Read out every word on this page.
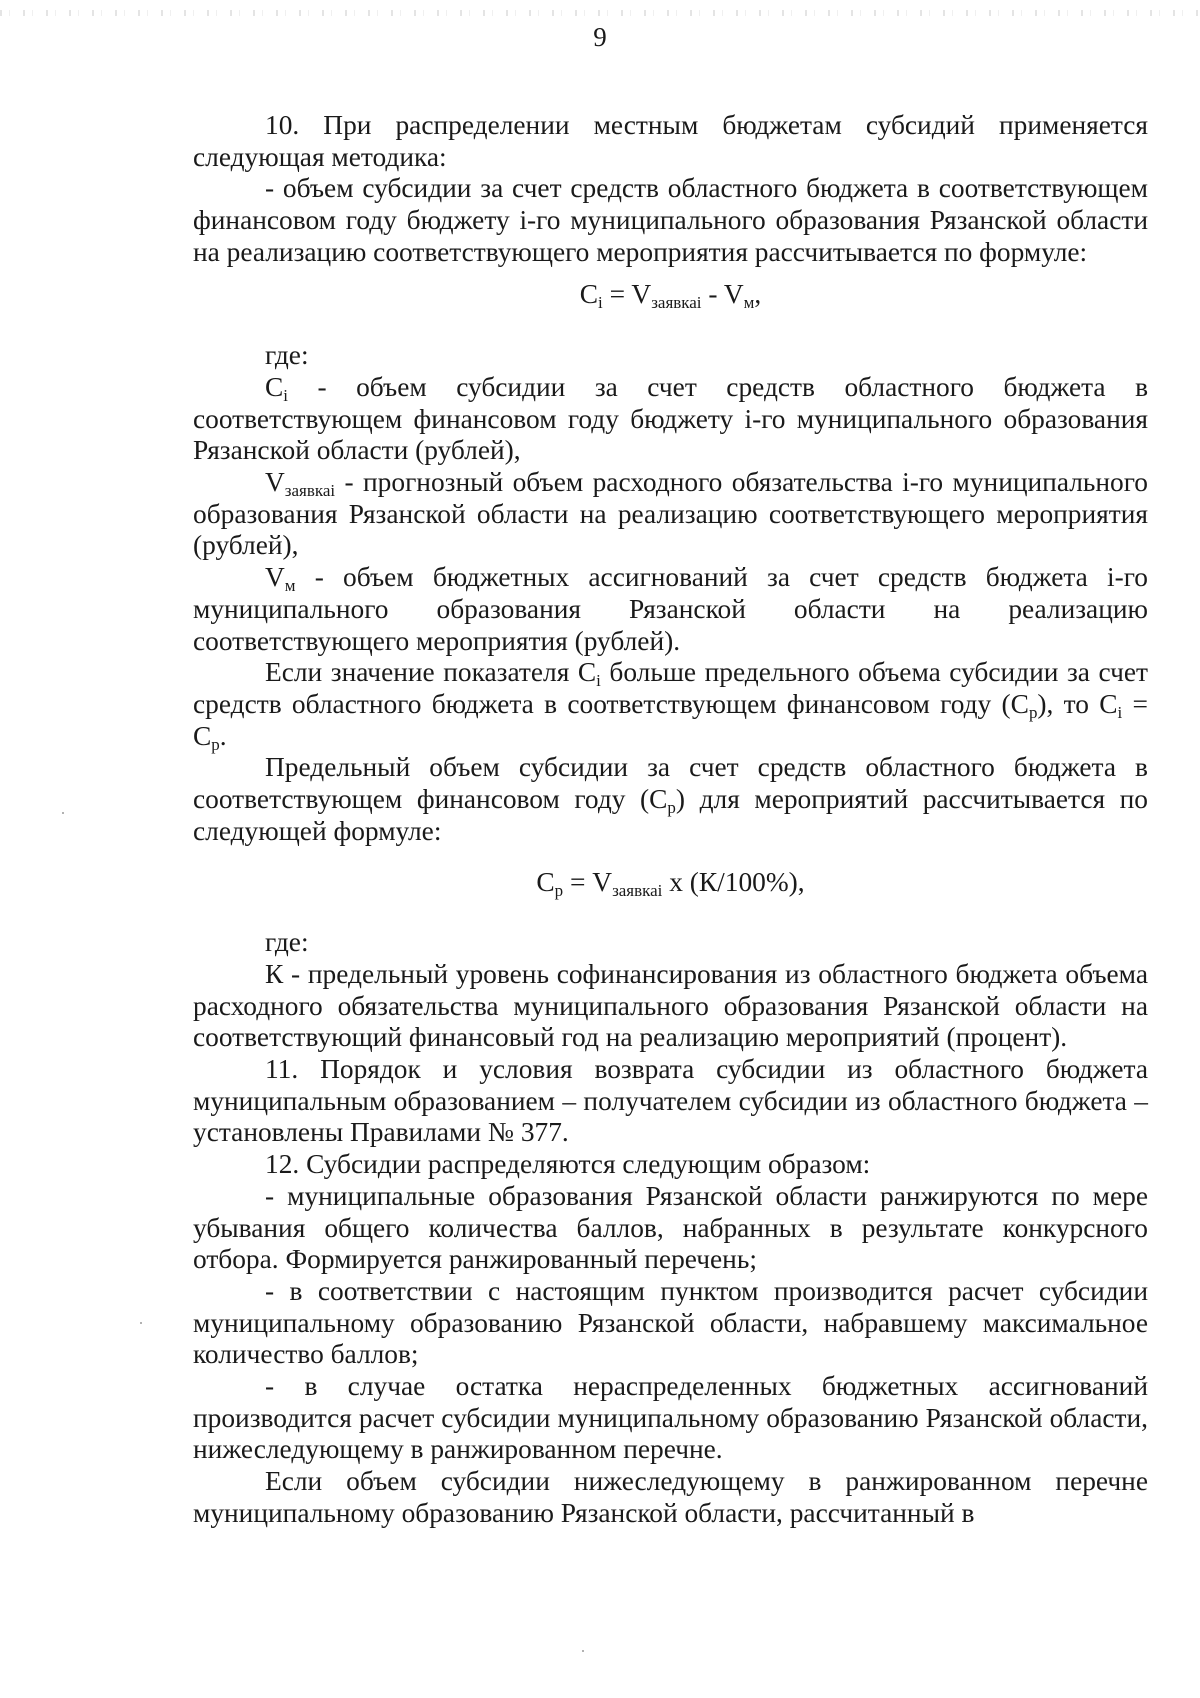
9
10. При распределении местным бюджетам субсидий применяется следующая методика:
- объем субсидии за счет средств областного бюджета в соответствующем финансовом году бюджету i-го муниципального образования Рязанской области на реализацию соответствующего мероприятия рассчитывается по формуле:
$C_i = V_{заявкаi} - V_м$,
где:
$C_i$ - объем субсидии за счет средств областного бюджета в соответствующем финансовом году бюджету i-го муниципального образования Рязанской области (рублей),
$V_{заявкаi}$ - прогнозный объем расходного обязательства i-го муниципального образования Рязанской области на реализацию соответствующего мероприятия (рублей),
$V_м$ - объем бюджетных ассигнований за счет средств бюджета i-го муниципального образования Рязанской области на реализацию соответствующего мероприятия (рублей).
Если значение показателя $C_i$ больше предельного объема субсидии за счет средств областного бюджета в соответствующем финансовом году $(C_р)$, то $C_i = C_р$.
Предельный объем субсидии за счет средств областного бюджета в соответствующем финансовом году $(C_р)$ для мероприятий рассчитывается по следующей формуле:
$C_р = V_{заявкаi}$ x (К/100%),
где:
К - предельный уровень софинансирования из областного бюджета объема расходного обязательства муниципального образования Рязанской области на соответствующий финансовый год на реализацию мероприятий (процент).
11. Порядок и условия возврата субсидии из областного бюджета муниципальным образованием – получателем субсидии из областного бюджета – установлены Правилами № 377.
12. Субсидии распределяются следующим образом:
- муниципальные образования Рязанской области ранжируются по мере убывания общего количества баллов, набранных в результате конкурсного отбора. Формируется ранжированный перечень;
- в соответствии с настоящим пунктом производится расчет субсидии муниципальному образованию Рязанской области, набравшему максимальное количество баллов;
- в случае остатка нераспределенных бюджетных ассигнований производится расчет субсидии муниципальному образованию Рязанской области, нижеследующему в ранжированном перечне.
Если объем субсидии нижеследующему в ранжированном перечне муниципальному образованию Рязанской области, рассчитанный в
